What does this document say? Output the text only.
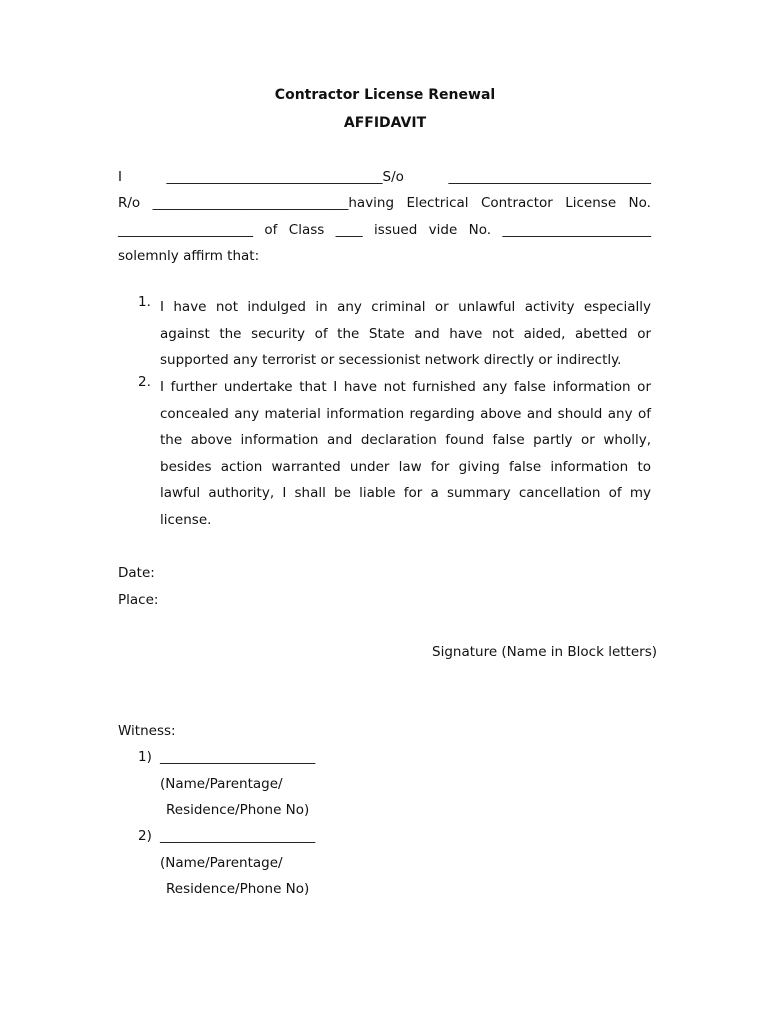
Contractor License Renewal
AFFIDAVIT
I	________________________________S/o	______________________________
R/o _____________________________having Electrical Contractor License No.
____________________ of Class ____ issued vide No. ______________________
solemnly affirm that:
1. I have not indulged in any criminal or unlawful activity especially against the security of the State and have not aided, abetted or supported any terrorist or secessionist network directly or indirectly.
2. I further undertake that I have not furnished any false information or concealed any material information regarding above and should any of the above information and declaration found false partly or wholly, besides action warranted under law for giving false information to lawful authority, I shall be liable for a summary cancellation of my license.
Date:
Place:
Signature (Name in Block letters)
Witness:
1) _______________________
(Name/Parentage/
Residence/Phone No)
2) _______________________
(Name/Parentage/
Residence/Phone No)
